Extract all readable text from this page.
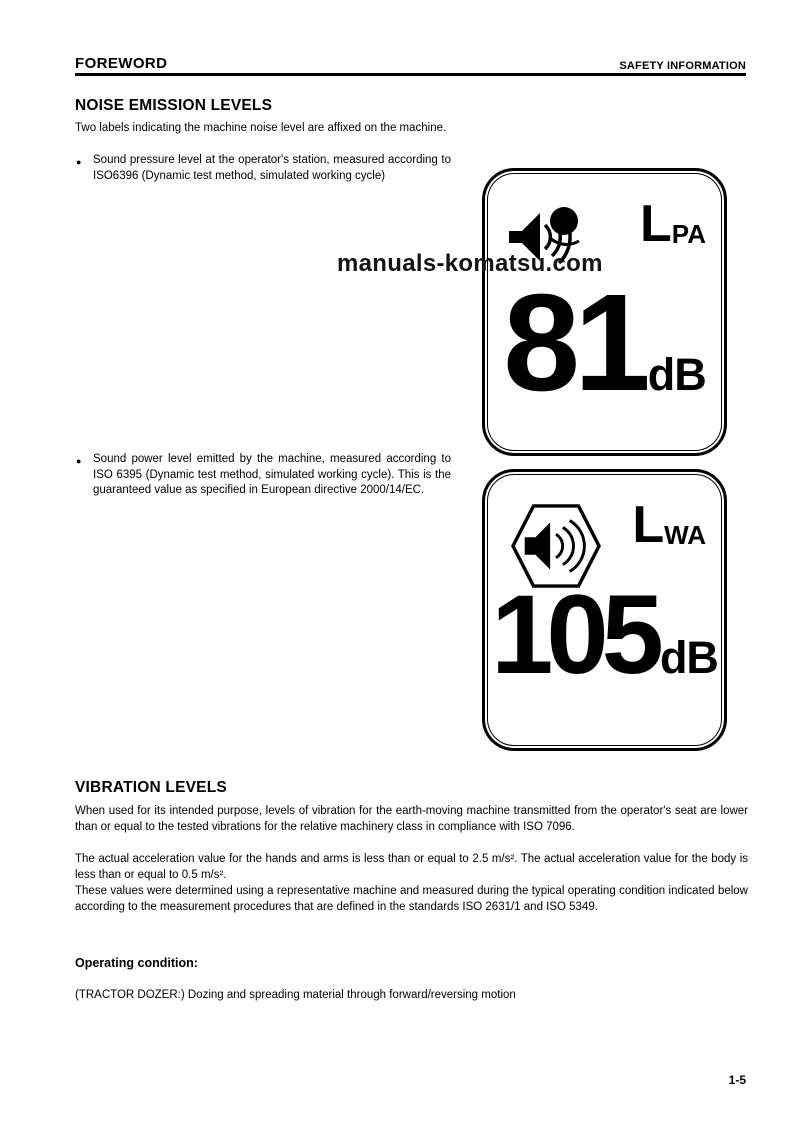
FOREWORD	SAFETY INFORMATION
NOISE EMISSION LEVELS
Two labels indicating the machine noise level are affixed on the machine.
● Sound pressure level at the operator's station, measured according to ISO6396 (Dynamic test method, simulated working cycle)
● Sound power level emitted by the machine, measured according to ISO 6395 (Dynamic test method, simulated working cycle). This is the guaranteed value as specified in European directive 2000/14/EC.
LPA
81 dB
manuals-komatsu.com
LWA
105 dB
VIBRATION LEVELS
When used for its intended purpose, levels of vibration for the earth-moving machine transmitted from the operator's seat are lower than or equal to the tested vibrations for the relative machinery class in compliance with ISO 7096.
The actual acceleration value for the hands and arms is less than or equal to 2.5 m/s². The actual acceleration value for the body is less than or equal to 0.5 m/s².
These values were determined using a representative machine and measured during the typical operating condition indicated below according to the measurement procedures that are defined in the standards ISO 2631/1 and ISO 5349.
Operating condition:
(TRACTOR DOZER:) Dozing and spreading material through forward/reversing motion
1-5
